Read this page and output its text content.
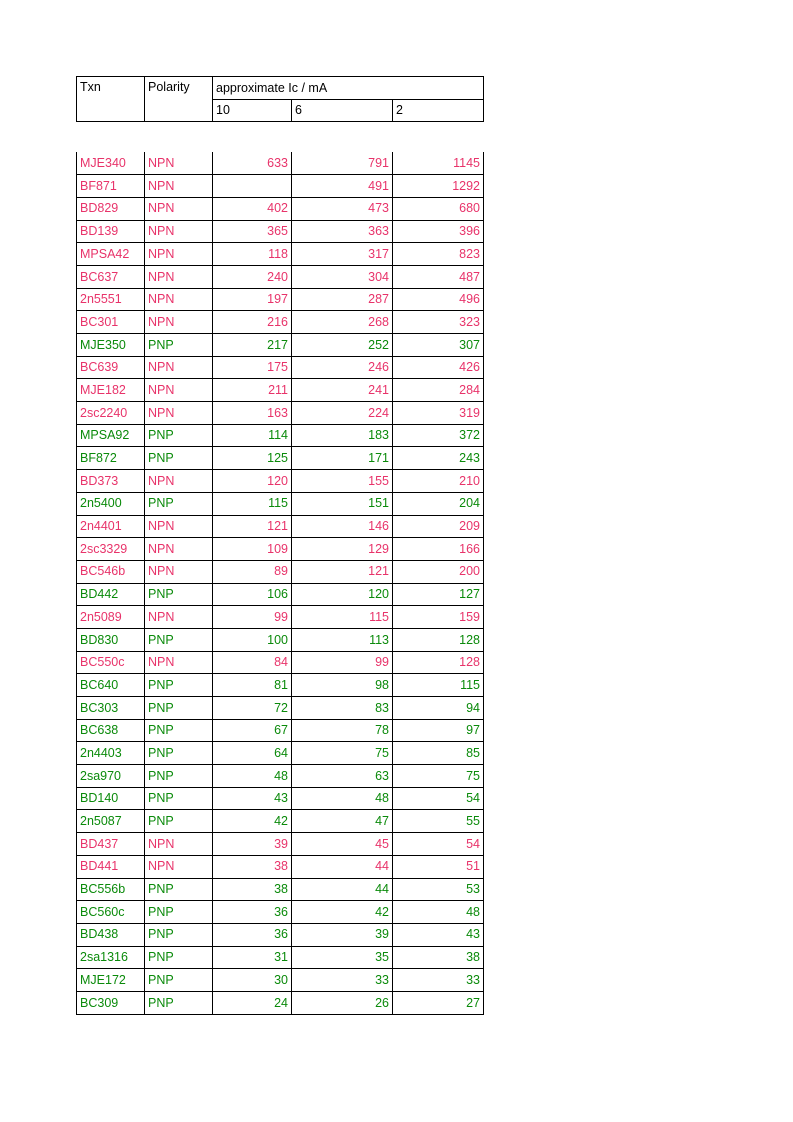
Txn	Polarity	approximate Ic / mA		
		10	6	2
MJE340	NPN	633	791	1145
BF871	NPN		491	1292
BD829	NPN	402	473	680
BD139	NPN	365	363	396
MPSA42	NPN	118	317	823
BC637	NPN	240	304	487
2n5551	NPN	197	287	496
BC301	NPN	216	268	323
MJE350	PNP	217	252	307
BC639	NPN	175	246	426
MJE182	NPN	211	241	284
2sc2240	NPN	163	224	319
MPSA92	PNP	114	183	372
BF872	PNP	125	171	243
BD373	NPN	120	155	210
2n5400	PNP	115	151	204
2n4401	NPN	121	146	209
2sc3329	NPN	109	129	166
BC546b	NPN	89	121	200
BD442	PNP	106	120	127
2n5089	NPN	99	115	159
BD830	PNP	100	113	128
BC550c	NPN	84	99	128
BC640	PNP	81	98	115
BC303	PNP	72	83	94
BC638	PNP	67	78	97
2n4403	PNP	64	75	85
2sa970	PNP	48	63	75
BD140	PNP	43	48	54
2n5087	PNP	42	47	55
BD437	NPN	39	45	54
BD441	NPN	38	44	51
BC556b	PNP	38	44	53
BC560c	PNP	36	42	48
BD438	PNP	36	39	43
2sa1316	PNP	31	35	38
MJE172	PNP	30	33	33
BC309	PNP	24	26	27
